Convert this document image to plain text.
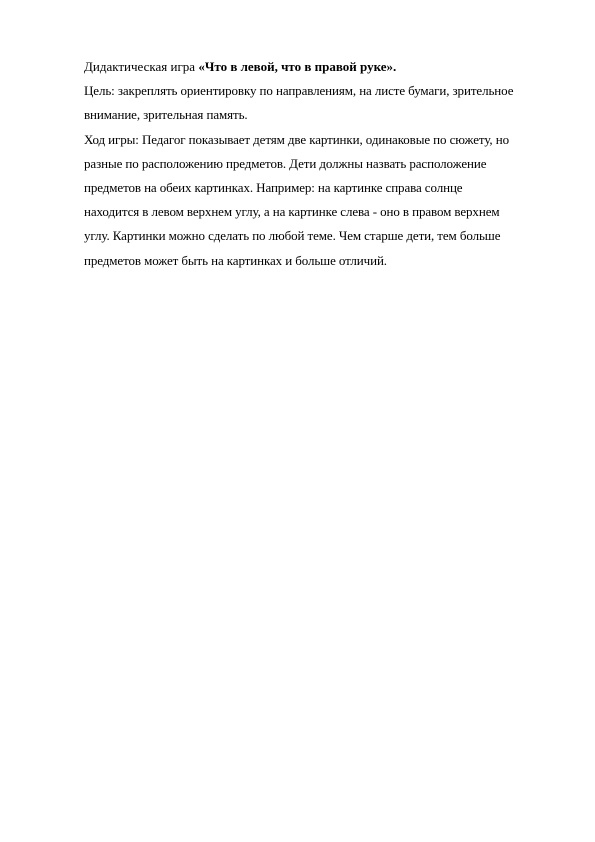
Дидактическая игра «Что в левой, что в правой руке».
Цель: закреплять ориентировку по направлениям, на листе бумаги, зрительное
внимание, зрительная память.
Ход игры: Педагог показывает детям две картинки, одинаковые по сюжету, но
разные по расположению предметов. Дети должны назвать расположение
предметов на обеих картинках. Например: на картинке справа солнце
находится в левом верхнем углу, а на картинке слева - оно в правом верхнем
углу. Картинки можно сделать по любой теме. Чем старше дети, тем больше
предметов может быть на картинках и больше отличий.
